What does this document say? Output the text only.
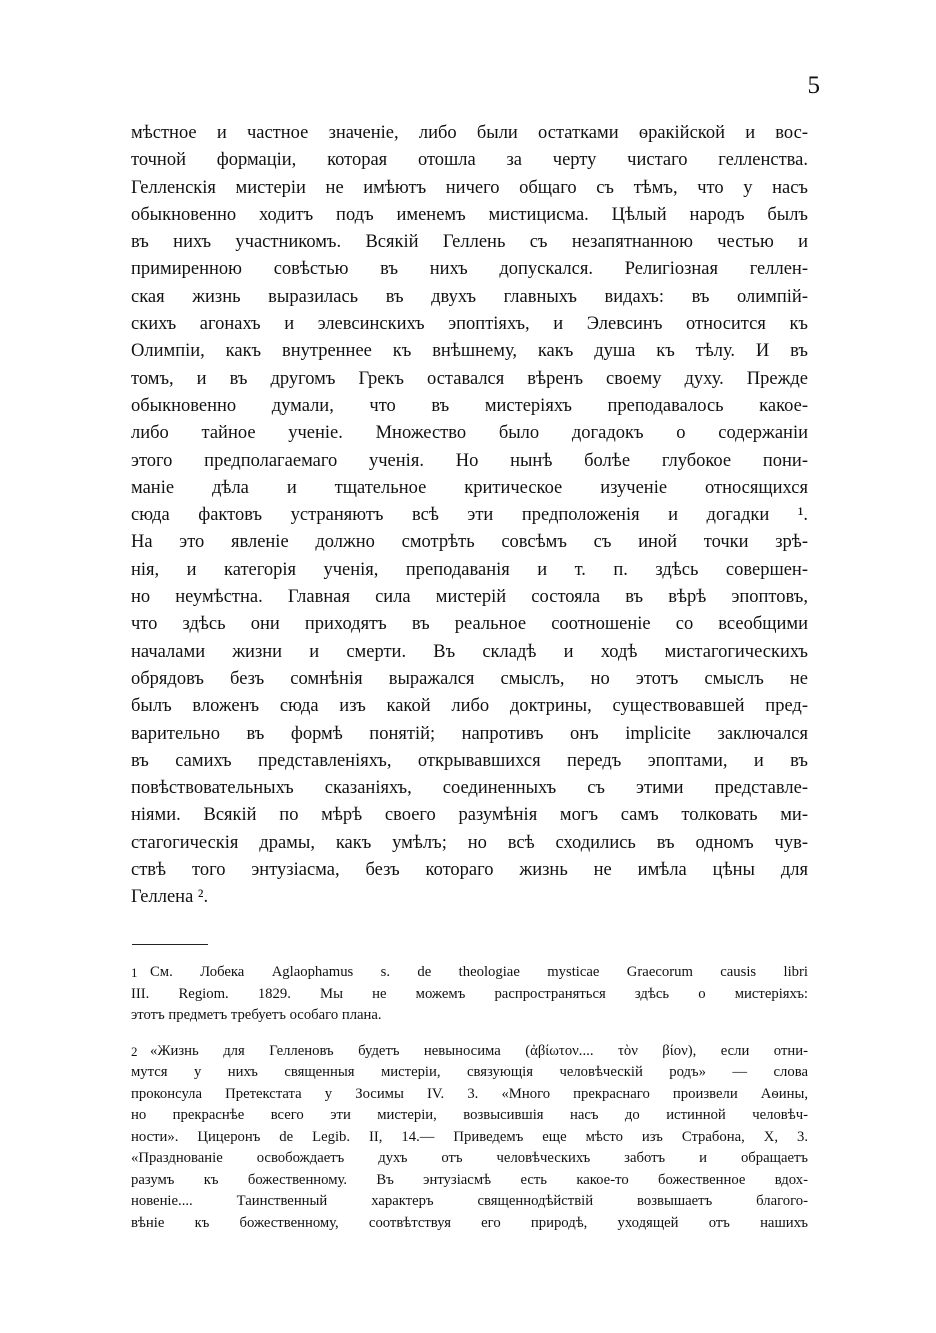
5
мѣстное и частное значеніе, либо были остатками ѳракійской и вос-
точной формаціи, которая отошла за черту чистаго гелленства.
Гелленскія мистеріи не имѣютъ ничего общаго съ тѣмъ, что у насъ
обыкновенно ходитъ подъ именемъ мистицисма. Цѣлый народъ былъ
въ нихъ участникомъ. Всякій Геллень съ незапятнанною честью и
примиренною совѣстью въ нихъ допускался. Религіозная геллен-
ская жизнь выразилась въ двухъ главныхъ видахъ: въ олимпій-
скихъ агонахъ и элевсинскихъ эпоптіяхъ, и Элевсинъ относится къ
Олимпіи, какъ внутреннее къ внѣшнему, какъ душа къ тѣлу. И въ
томъ, и въ другомъ Грекъ оставался вѣренъ своему духу. Прежде
обыкновенно думали, что въ мистеріяхъ преподавалось какое-
либо тайное ученіе. Множество было догадокъ о содержаніи
этого предполагаемаго ученія. Но нынѣ болѣе глубокое пони-
маніе дѣла и тщательное критическое изученіе относящихся
сюда фактовъ устраняютъ всѣ эти предположенія и догадки ¹.
На это явленіе должно смотрѣть совсѣмъ съ иной точки зрѣ-
нія, и категорія ученія, преподаванія и т. п. здѣсь совершен-
но неумѣстна. Главная сила мистерій состояла въ вѣрѣ эпоптовъ,
что здѣсь они приходятъ въ реальное соотношеніе со всеобщими
началами жизни и смерти. Въ складѣ и ходѣ мистагогическихъ
обрядовъ безъ сомнѣнія выражался смыслъ, но этотъ смыслъ не
былъ вложенъ сюда изъ какой либо доктрины, существовавшей пред-
варительно въ формѣ понятій; напротивъ онъ implicite заключался
въ самихъ представленіяхъ, открывавшихся передъ эпоптами, и въ
повѣствовательныхъ сказаніяхъ, соединенныхъ съ этими представле-
ніями. Всякій по мѣрѣ своего разумѣнія могъ самъ толковать ми-
стагогическія драмы, какъ умѣлъ; но всѣ сходились въ одномъ чув-
ствѣ того энтузіасма, безъ котораго жизнь не имѣла цѣны для
Геллена ².
1 См. Лобека Aglaophamus s. de theologiae mysticae Graecorum causis libri
III. Regiom. 1829. Мы не можемъ распространяться здѣсь о мистеріяхъ:
этотъ предметъ требуетъ особаго плана.
2 «Жизнь для Гелленовъ будетъ невыносима (ἀβίωτον.... τὸν βίον), если отни-
мутся у нихъ священныя мистеріи, связующія человѣческій родъ» — слова
проконсула Претекстата у Зосимы IV. 3. «Много прекраснаго произвели Аѳины,
но прекраснѣе всего эти мистеріи, возвысившія насъ до истинной человѣч-
ности». Цицеронъ de Legib. II, 14.— Приведемъ еще мѣсто изъ Страбона, X, 3.
«Празднованіе освобождаетъ духъ отъ человѣческихъ заботъ и обращаетъ
разумъ къ божественному. Въ энтузіасмѣ есть какое-то божественное вдох-
новеніе.... Таинственный характеръ священнодѣйствій возвышаетъ благого-
вѣніе къ божественному, соотвѣтствуя его природѣ, уходящей отъ нашихъ
